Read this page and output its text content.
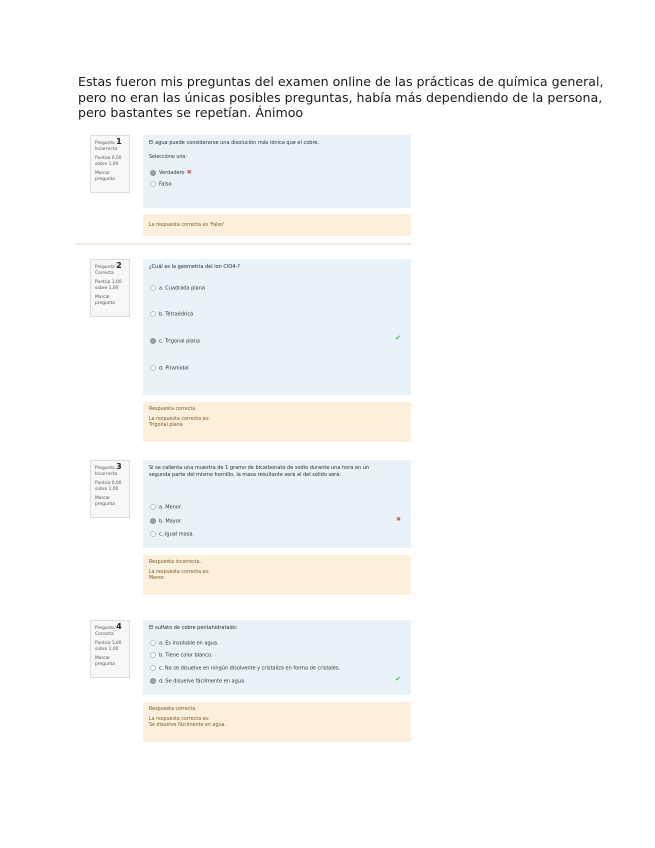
Estas fueron mis preguntas del examen online de las prácticas de química general,
pero no eran las únicas posibles preguntas, había más dependiendo de la persona,
pero bastantes se repetían. Ánimoo

Pregunta 1
Incorrecta
Puntúa 0,00
sobre 1,00
Marcar
pregunta
El agua puede considerarse una disolución más iónica que el cobre.
Seleccione una:
Verdadero ✖
Falso
La respuesta correcta es 'Falso'
Pregunta 2
Correcta
Puntúa 1,00
sobre 1,00
Marcar
pregunta
¿Cuál es la geometría del ion ClO4-?
a. Cuadrada plana
b. Tetraédrica
c. Trigonal plana	✔
d. Piramidal
Respuesta correcta
La respuesta correcta es:
Trigonal plana
Pregunta 3
Incorrecta
Puntúa 0,00
sobre 1,00
Marcar
pregunta
Si se calienta una muestra de 1 gramo de bicarbonato de sodio durante una hora en un
segunda parte del mismo hornillo, la masa resultante será el del sólido será:
a. Menor.
b. Mayor.	✖
c. Igual masa.
Respuesta incorrecta.
La respuesta correcta es:
Menor.
Pregunta 4
Correcta
Puntúa 1,00
sobre 1,00
Marcar
pregunta
El sulfato de cobre pentahidratado:
a. Es insoluble en agua.
b. Tiene color blanco.
c. No se disuelve en ningún disolvente y cristaliza en forma de cristales.
d. Se disuelve fácilmente en agua.	✔
Respuesta correcta
La respuesta correcta es:
Se disuelve fácilmente en agua.
